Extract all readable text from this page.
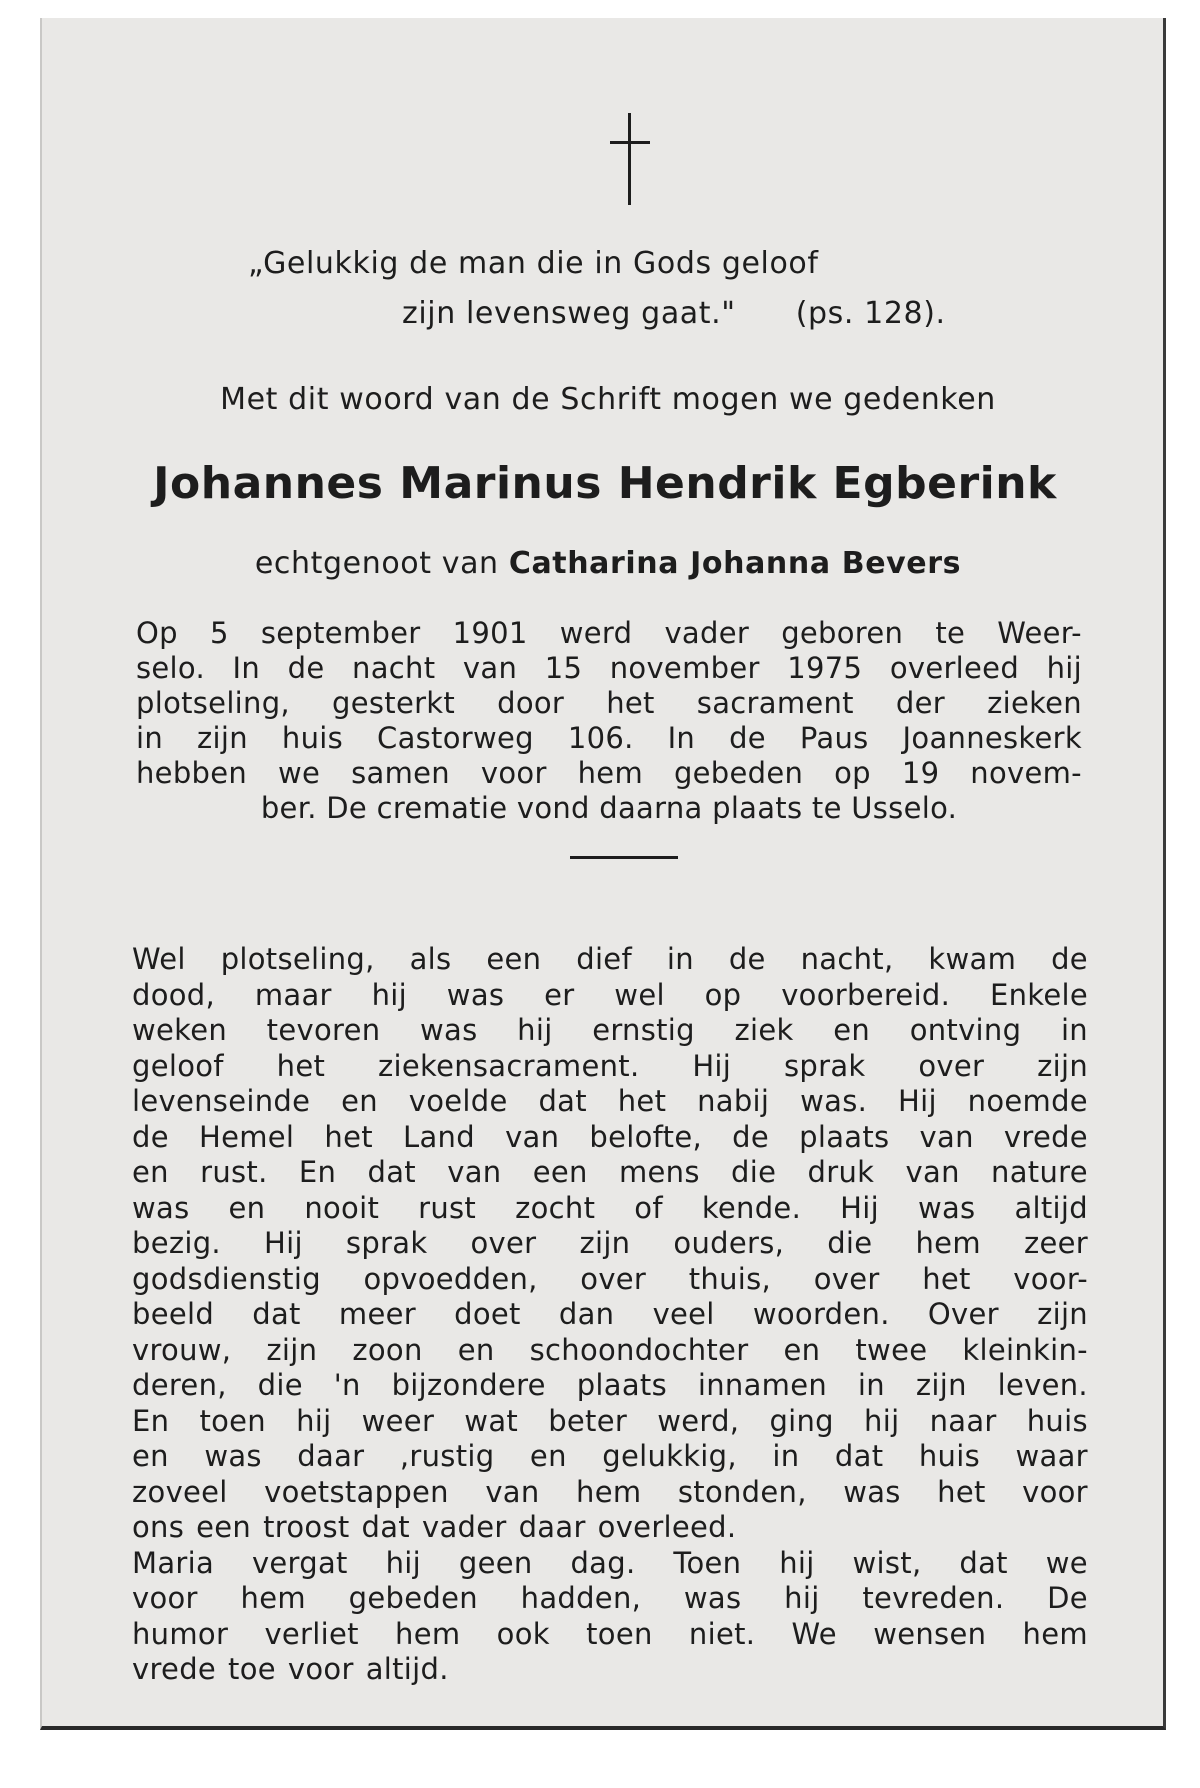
„Gelukkig de man die in Gods geloof
zijn levensweg gaat." (ps. 128).
Met dit woord van de Schrift mogen we gedenken
Johannes Marinus Hendrik Egberink
echtgenoot van Catharina Johanna Bevers
Op 5 september 1901 werd vader geboren te Weer-
selo. In de nacht van 15 november 1975 overleed hij
plotseling, gesterkt door het sacrament der zieken
in zijn huis Castorweg 106. In de Paus Joanneskerk
hebben we samen voor hem gebeden op 19 novem-
ber. De crematie vond daarna plaats te Usselo.
Wel plotseling, als een dief in de nacht, kwam de
dood, maar hij was er wel op voorbereid. Enkele
weken tevoren was hij ernstig ziek en ontving in
geloof het ziekensacrament. Hij sprak over zijn
levenseinde en voelde dat het nabij was. Hij noemde
de Hemel het Land van belofte, de plaats van vrede
en rust. En dat van een mens die druk van nature
was en nooit rust zocht of kende. Hij was altijd
bezig. Hij sprak over zijn ouders, die hem zeer
godsdienstig opvoedden, over thuis, over het voor-
beeld dat meer doet dan veel woorden. Over zijn
vrouw, zijn zoon en schoondochter en twee kleinkin-
deren, die 'n bijzondere plaats innamen in zijn leven.
En toen hij weer wat beter werd, ging hij naar huis
en was daar ,rustig en gelukkig, in dat huis waar
zoveel voetstappen van hem stonden, was het voor
ons een troost dat vader daar overleed.
Maria vergat hij geen dag. Toen hij wist, dat we
voor hem gebeden hadden, was hij tevreden. De
humor verliet hem ook toen niet. We wensen hem
vrede toe voor altijd.
